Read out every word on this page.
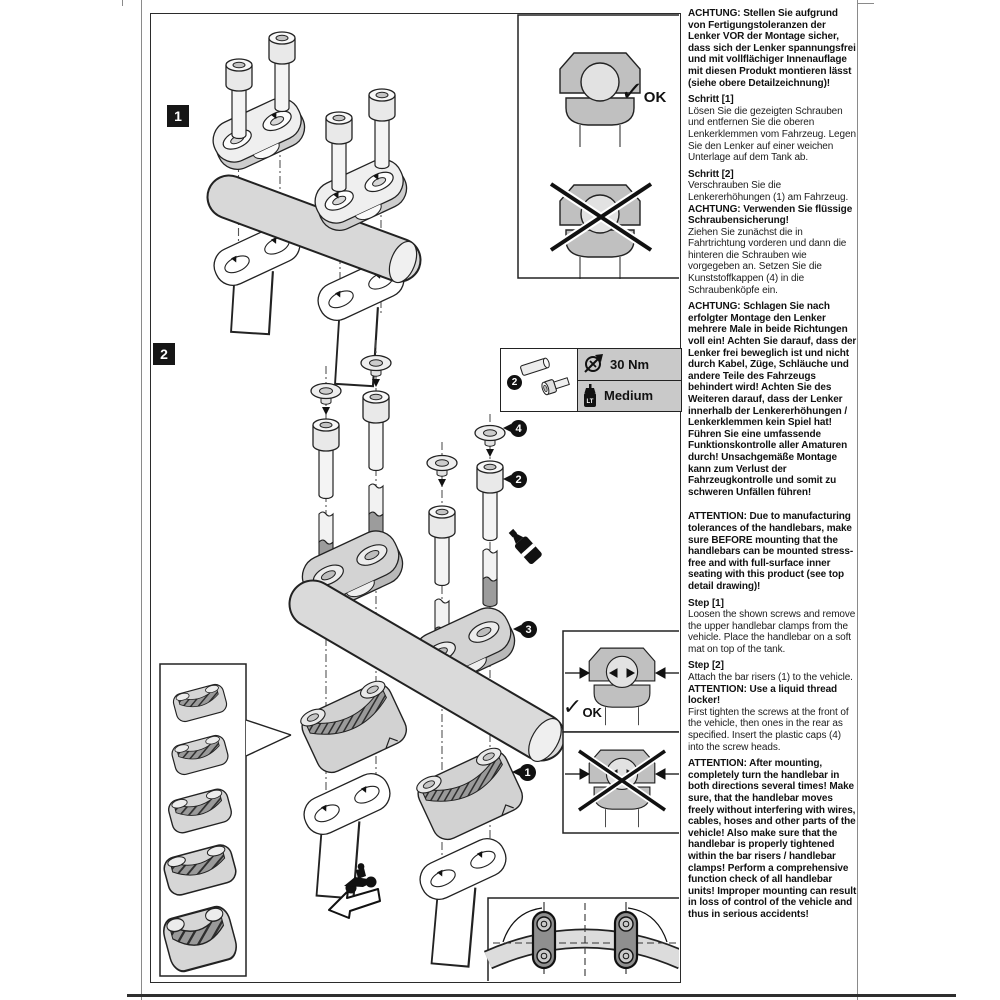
1
2
4
2
3
1
✓ OK
✓ OK
2
30 Nm
LT Medium

ACHTUNG: Stellen Sie aufgrund von Fertigungstoleranzen der Lenker VOR der Montage sicher, dass sich der Lenker spannungsfrei und mit vollflächiger Innenauflage mit diesen Produkt montieren lässt (siehe obere Detailzeichnung)!

Schritt [1]

Lösen Sie die gezeigten Schrauben und entfernen Sie die oberen Lenkerklemmen vom Fahrzeug. Legen Sie den Lenker auf einer weichen Unterlage auf dem Tank ab.

Schritt [2]

Verschrauben Sie die Lenkererhöhungen (1) am Fahrzeug.

ACHTUNG: Verwenden Sie flüssige Schraubensicherung!

Ziehen Sie zunächst die in Fahrtrichtung vorderen und dann die hinteren die Schrauben wie vorgegeben an. Setzen Sie die Kunststoffkappen (4) in die Schraubenköpfe ein.

ACHTUNG: Schlagen Sie nach erfolgter Montage den Lenker mehrere Male in beide Richtungen voll ein! Achten Sie darauf, dass der Lenker frei beweglich ist und nicht durch Kabel, Züge, Schläuche und andere Teile des Fahrzeugs behindert wird! Achten Sie des Weiteren darauf, dass der Lenker innerhalb der Lenkererhöhungen / Lenkerklemmen kein Spiel hat! Führen Sie eine umfassende Funktionskontrolle aller Amaturen durch! Unsachgemäße Montage kann zum Verlust der Fahrzeugkontrolle und somit zu schweren Unfällen führen!

ATTENTION: Due to manufacturing tolerances of the handlebars, make sure BEFORE mounting that the handlebars can be mounted stress-free and with full-surface inner seating with this product (see top detail drawing)!

Step [1]

Loosen the shown screws and remove the upper handlebar clamps from the vehicle. Place the handlebar on a soft mat on top of the tank.

Step [2]

Attach the bar risers (1) to the vehicle.

ATTENTION: Use a liquid thread locker!

First tighten the screws at the front of the vehicle, then ones in the rear as specified. Insert the plastic caps (4) into the screw heads.

ATTENTION: After mounting, completely turn the handlebar in both directions several times! Make sure, that the handlebar moves freely without interfering with wires, cables, hoses and other parts of the vehicle! Also make sure that the handlebar is properly tightened within the bar risers / handlebar clamps! Perform a comprehensive function check of all handlebar units! Improper mounting can result in loss of control of the vehicle and thus in serious accidents!
